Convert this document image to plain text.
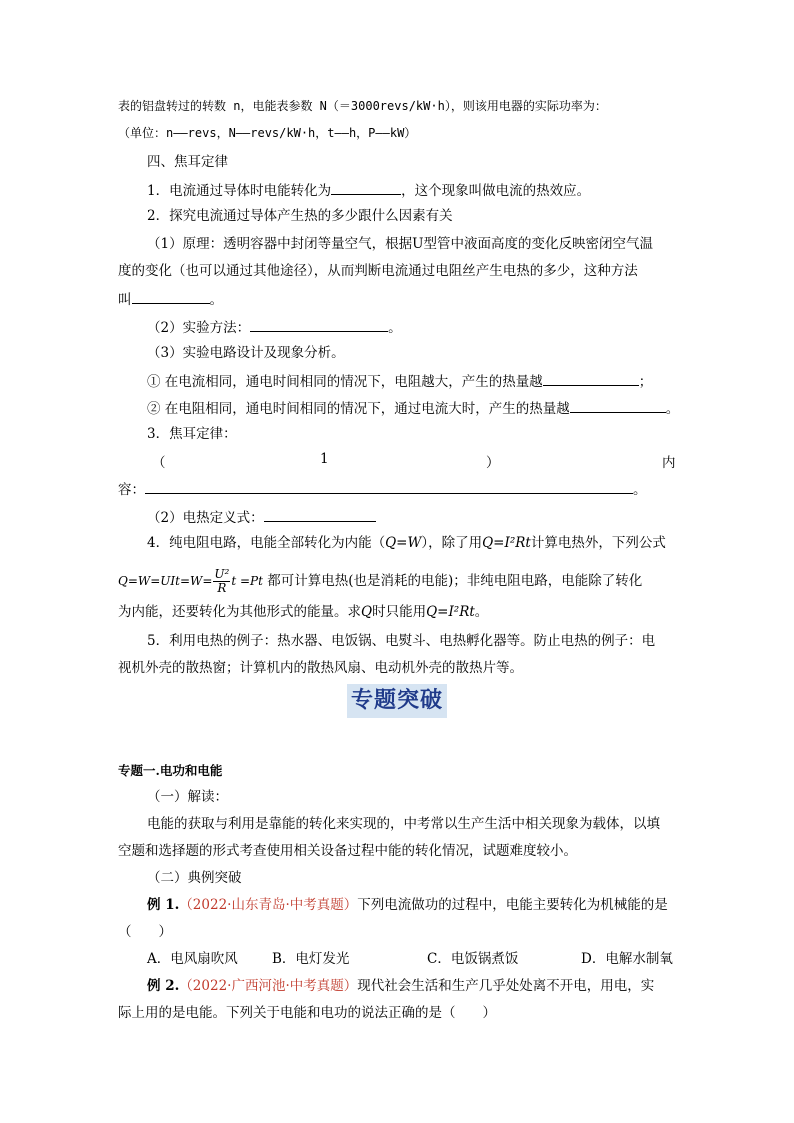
表的铝盘转过的转数 n，电能表参数 N（＝3000revs/kW·h），则该用电器的实际功率为：
（单位：n——revs，N——revs/kW·h，t——h，P——kW）
四、焦耳定律
1．电流通过导体时电能转化为	，这个现象叫做电流的热效应。
2．探究电流通过导体产生热的多少跟什么因素有关
（1）原理：透明容器中封闭等量空气，根据U型管中液面高度的变化反映密闭空气温
度的变化（也可以通过其他途径），从而判断电流通过电阻丝产生电热的多少，这种方法
叫	。
（2）实验方法：	。
（3）实验电路设计及现象分析。
① 在电流相同，通电时间相同的情况下，电阻越大，产生的热量越	；
② 在电阻相同，通电时间相同的情况下，通过电流大时，产生的热量越	。
3．焦耳定律：
（	1	）	内
容：	。
（2）电热定义式：
4．纯电阻电路，电能全部转化为内能（Q=W），除了用Q=I²Rt计算电热外，下列公式
$Q=W=UIt=W= \frac{\text{U²}}{R}$ t =Pt 都可计算电热(也是消耗的电能)；非纯电阻电路，电能除了转化
为内能，还要转化为其他形式的能量。求Q时只能用Q=I²Rt。
5．利用电热的例子：热水器、电饭锅、电熨斗、电热孵化器等。防止电热的例子：电
视机外壳的散热窗；计算机内的散热风扇、电动机外壳的散热片等。
专题突破
专题一.电功和电能
（一）解读：
电能的获取与利用是靠能的转化来实现的，中考常以生产生活中相关现象为载体，以填
空题和选择题的形式考查使用相关设备过程中能的转化情况，试题难度较小。
（二）典例突破
例 1.（2022·山东青岛·中考真题）下列电流做功的过程中，电能主要转化为机械能的是
（　　）
A．电风扇吹风	B．电灯发光	C．电饭锅煮饭	D．电解水制氧
例 2.（2022·广西河池·中考真题）现代社会生活和生产几乎处处离不开电，用电，实
际上用的是电能。下列关于电能和电功的说法正确的是（　　）
